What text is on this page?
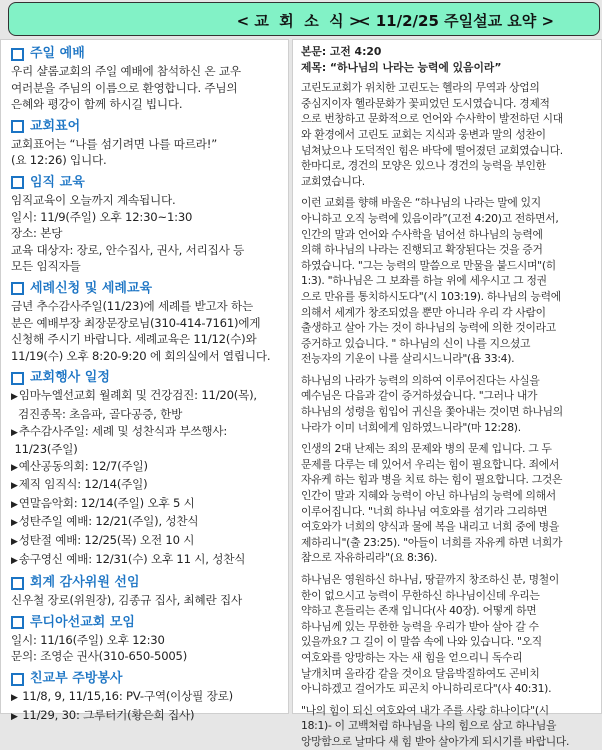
< 교  회  소  식 >
< 11/2/25 주일설교 요약 >
주일 예배
우리 샬롬교회의 주일 예배에 참석하신 온 교우
여러분을 주님의 이름으로 환영합니다. 주님의
은혜와 평강이 함께 하시길 빕니다.
교회표어
교회표어는 “나를 섬기려면 나를 따르라!”
(요 12:26) 입니다.
임직 교육
임직교육이 오늘까지 계속됩니다.
일시: 11/9(주일) 오후 12:30~1:30
장소: 본당
교육 대상자: 장로, 안수집사, 권사, 서리집사 등
모든 임직자들
세례신청 및 세례교육
금년 추수감사주일(11/23)에 세례를 받고자 하는
분은 예배부장 최장문장로님(310-414-7161)에게
신청해 주시기 바랍니다. 세례교육은 11/12(수)와
11/19(수) 오후 8:20-9:20 에 회의실에서 열립니다.
교회행사 일정
▶임마누엘선교회 월례회 및 건강검진: 11/20(목),
검진종목: 초음파, 골다공증, 한방
▶추수감사주일: 세례 및 성찬식과 부쓰행사:
11/23(주일)
▶예산공동의회: 12/7(주일)
▶제직 임직식: 12/14(주일)
▶연말음악회: 12/14(주일) 오후 5 시
▶성탄주일 예배: 12/21(주일), 성찬식
▶성탄절 예배: 12/25(목) 오전 10 시
▶송구영신 예배: 12/31(수) 오후 11 시, 성찬식
회계 감사위원 선임
신우철 장로(위원장), 김종규 집사, 최혜란 집사
루디아선교회 모임
일시: 11/16(주일) 오후 12:30
문의: 조영순 권사(310-650-5005)
친교부 주방봉사
▶ 11/8, 9, 11/15,16: PV-구역(이상필 장로)
▶ 11/29, 30: 그루터기(황은희 집사)
본문: 고전 4:20
제목: “하나님의 나라는 능력에 있음이라”
고린도교회가 위치한 고린도는 헬라의 무역과 상업의
중심지이자 헬라문화가 꽃피었던 도시였습니다. 경제적
으로 번창하고 문화적으로 언어와 수사학이 발전하던 시대
와 환경에서 고린도 교회는 지식과 웅변과 말의 성찬이
넘쳐났으나 도덕적인 힘은 바닥에 떨어졌던 교회였습니다.
한마디로, 경건의 모양은 있으나 경건의 능력을 부인한
교회였습니다.
이런 교회를 향해 바울은 “하나님의 나라는 말에 있지
아니하고 오직 능력에 있음이라”(고전 4:20)고 전하면서,
인간의 말과 언어와 수사학을 넘어선 하나님의 능력에
의해 하나님의 나라는 진행되고 확장된다는 것을 증거
하였습니다. "그는 능력의 말씀으로 만물을 붙드시며"(히
1:3). "하나님은 그 보좌를 하늘 위에 세우시고 그 정권
으로 만유를 통치하시도다"(시 103:19). 하나님의 능력에
의해서 세계가 창조되었을 뿐만 아니라 우리 각 사람이
출생하고 살아 가는 것이 하나님의 능력에 의한 것이라고
증거하고 있습니다. " 하나님의 신이 나를 지으셨고
전능자의 기운이 나를 살리시느니라"(욥 33:4).
하나님의 나라가 능력의 의하여 이루어진다는 사실을
예수님은 다음과 같이 증거하셨습니다. "그러나 내가
하나님의 성령을 힘입어 귀신을 쫓아내는 것이면 하나님의
나라가 이미 너희에게 임하였느니라"(마 12:28).
인생의 2대 난제는 죄의 문제와 병의 문제 입니다. 그 두
문제를 다루는 데 있어서 우리는 힘이 필요합니다. 죄에서
자유케 하는 힘과 병을 치료 하는 힘이 필요합니다. 그것은
인간이 말과 지혜와 능력이 아닌 하나님의 능력에 의해서
이루어집니다. "너희 하나님 여호와를 섬기라 그리하면
여호와가 너희의 양식과 물에 복을 내리고 너희 중에 병을
제하리니"(출 23:25). "아들이 너희를 자유케 하면 너희가
참으로 자유하리라"(요 8:36).
하나님은 영원하신 하나님, 땅끝까지 창조하신 분, 명철이
한이 없으시고 능력이 무한하신 하나님이신데 우리는
약하고 흔들리는 존재 입니다(사 40장). 어떻게 하면
하나님께 있는 무한한 능력을 우리가 받아 살아 갈 수
있을까요? 그 길이 이 말씀 속에 나와 있습니다. "오직
여호와를 앙망하는 자는 새 힘을 얻으리니 독수리
날개치며 올라감 같을 것이요 달음박질하여도 곤비치
아니하겠고 걸어가도 피곤치 아니하리로다"(사 40:31).
"나의 힘이 되신 여호와여 내가 주를 사랑 하나이다"(시
18:1)- 이 고백처럼 하나님을 나의 힘으로 삼고 하나님을
앙망함으로 날마다 새 힘 받아 살아가게 되시기를 바랍니다.
